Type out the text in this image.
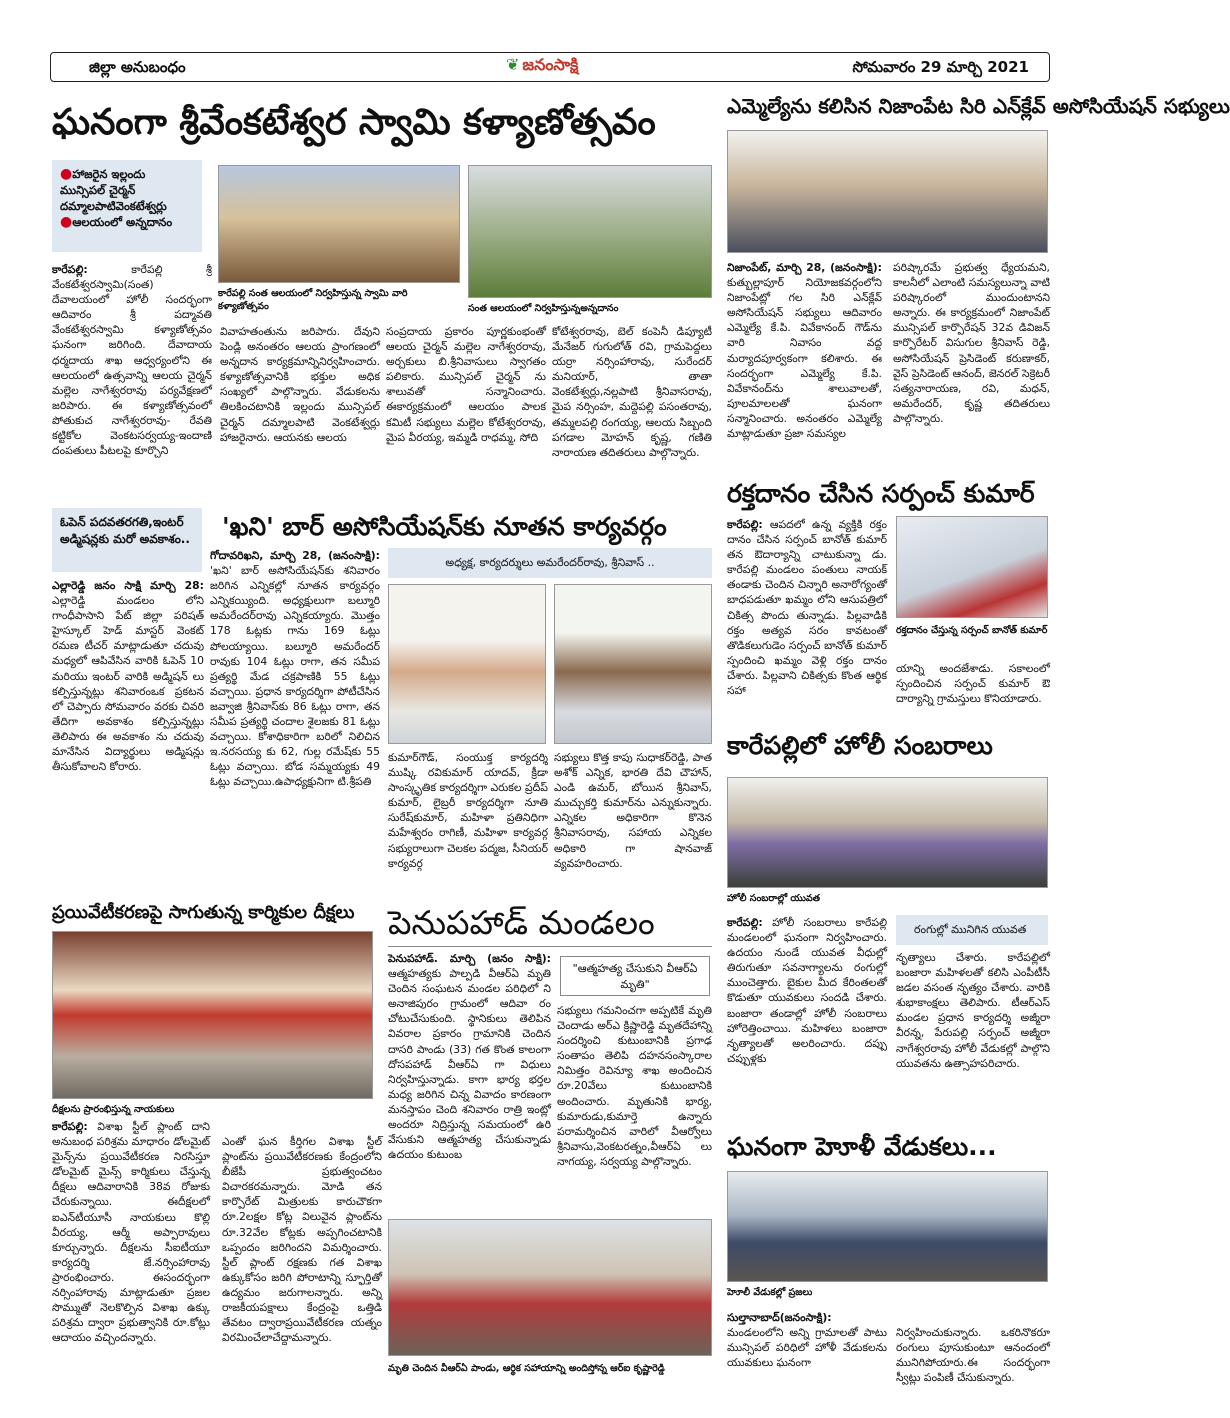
జిల్లా అనుబంధం	❦ జనంసాక్షి	సోమవారం 29 మార్చి 2021
ఘనంగా శ్రీవేంకటేశ్వర స్వామి కళ్యాణోత్సవం
●హాజరైన ఇల్లందు మున్సిపల్ చైర్మన్ దమ్మాలపాటివెంకటేశ్వర్లు
●ఆలయంలో అన్నదానం
కారేపల్లి సంత ఆలయంలో నిర్వహిస్తున్న స్వామి వారి కళ్యాణోత్సవం	సంత ఆలయంలో నిర్వహిస్తున్నఅన్నదానం
కారేపల్లి:	కారేపల్లి శ్రీ వేంకటేశ్వరస్వామి(సంత) దేవాలయంలో హోలీ సందర్భంగా ఆదివారం శ్రీ పద్మావతి వేంకటేశ్వరస్వామి కళ్యాణోత్సవం ఘనంగా జరిగింది. దేవాదాయ ధర్మదాయ శాఖ ఆధ్వర్యంలోని ఈ ఆలయంలో ఉత్సవాన్ని ఆలయ చైర్మన్ మల్లెల నాగేశ్వరరావు పర్యవేక్షణలో జరిపారు. ఈ కళ్యాణోత్సవంలో పోతుకుచ నాగేశ్వరరావు- రేవతి కట్టికోల వెంకటసర్వయ్య-ఇందాణి దంపతులు పీటలపై కూర్చొని
వివాహతంతును జరిపారు. దేవుని పెండ్లి అనంతరం ఆలయ ప్రాంగణంలో అన్నదాన కార్యక్రమాన్నినిర్వహించారు. కళ్యాణోత్సవానికి భక్తుల అధిక సంఖ్యలో పాల్గొన్నారు. వేడుకలను తిలకించటానికి ఇల్లందు మున్సిపల్ చైర్మన్ దమ్మాలపాటి వెంకటేశ్వర్లు హాజరైనారు. ఆయనకు ఆలయ
సంప్రదాయ ప్రకారం పూర్ణకుంభంతో ఆలయ చైర్మన్ మల్లెల నాగేశ్వరరావు, అర్చకులు బి.శ్రీనివాసులు స్వాగతం పలికారు. మున్సిపల్ చైర్మన్ ను శాలువతో సన్మానించారు. ఈకార్యక్రమంలో ఆలయం పాలక కమిటీ సభ్యులు మల్లెల కోటేశ్వరరావు, మైప వీరయ్య, ఇమ్మడి రాధమ్మ, సోది
కోటేశ్వరరావు, బెల్ కంపెనీ డిప్యూటీ మేనేజర్ గుగులోత్ రవి, గ్రామపెద్దలు యర్రా నర్సింహారావు, సురేందర్ మనియార్, తాతా వెంకటేశ్వర్లు,నల్లపాటి శ్రీనివాసరావు, మైప నర్సింహ, మద్దెపల్లి పసంతరావు, తమ్మలపల్లి రంగయ్య, ఆలయ సిబ్బంది పగడాల మోహన్ కృష్ణ, గణితి నారాయణ తదితరులు పాల్గొన్నారు.
ఎమ్మెల్యేను కలిసిన నిజాంపేట సిరి ఎన్‌క్లేవ్ అసోసియేషన్ సభ్యులు
నిజాంపేట్, మార్చి 28, (జనంసాక్షి): కుత్బుల్లాపూర్ నియోజకవర్గంలోని నిజాంపేట్లో గల సిరి ఎన్‌క్లేవ్ అసోసియేషన్ సభ్యులు ఆదివారం ఎమ్మెల్యే కే.పి. వివేకానంద్ గౌడ్‌ను వారి నివాసం వద్ద మర్యాదపూర్వకంగా కలిశారు. ఈ సందర్భంగా ఎమ్మెల్యే కే.పి. వివేకానంద్‌ను శాలువాలతో, పూలమాలలతో ఘనంగా సన్మానించారు. అనంతరం ఎమ్మెల్యే మాట్లాడుతూ ప్రజా సమస్యల
పరిష్కారమే ప్రభుత్వ ధ్యేయమని, కాలనీలో ఎలాంటి సమస్యలున్నా వాటి పరిష్కారంలో ముందుంటానని అన్నారు. ఈ కార్యక్రమంలో నిజాంపేట్ మున్సిపల్ కార్పొరేషన్ 32వ డివిజన్ కార్పొరేటర్ విసుగుల శ్రీనివాస్ రెడ్డి, అసోసియేషన్ ప్రెసిడెంట్ కరుణాకర్, వైస్ ప్రెసిడెంట్ ఆనంద్, జెనరల్ సెక్రెటరీ సత్యనారాయణ, రవి, మధన్, అమరేందర్, కృష్ణ తదితరులు పాల్గొన్నారు.
రక్తదానం చేసిన సర్పంచ్ కుమార్
కారేపల్లి: ఆపదలో ఉన్న వ్యక్తికి రక్తం దానం చేసిన సర్పంచ్ బానోత్ కుమార్ తన ఔదార్యాన్ని చాటుకున్నా డు. కారేపల్లి మండలం పంతులు నాయక్ తండాకు చెందిన చిన్నారి అనారోగ్యంతో బాధపడుతూ ఖమ్మం లోని ఆసుపత్రిలో చికిత్స పొందు తున్నాడు. పిల్లవాడికి రక్తం అత్యవ సరం కావటంతో తొడికలుగుడెం సర్పంచ్ బానోత్ కుమార్ స్పందించి ఖమ్మం వెళ్లి రక్తం దానం చేశారు. పిల్లవాని చికిత్సకు కొంత ఆర్థిక సహా
రక్తదానం చేస్తున్న సర్పంచ్ బానోత్ కుమార్
యాన్ని అందజేశాడు. సకాలంలో స్పందించిన సర్పంచ్ కుమార్ ఔ దార్యాన్ని గ్రామస్తులు కొనియాడారు.
ఓపెన్ పదవతరగతి,ఇంటర్ అడ్మిషన్లకు మరో అవకాశం..
ఎల్లారెడ్డి జనం సాక్షి మార్చి 28: ఎల్లారెడ్డి మండలం లోని గాంధీపాసాని పేట్ జిల్లా పరిషత్ హైస్కూల్ హెడ్ మాస్టర్ వెంకట్ రమణ టీచర్ మాట్లాడుతూ చదువు మధ్యలో ఆపివేసిన వారికి ఓపెన్ 10 మరియు ఇంటర్ వారికి అడ్మిషన్ లు కల్పిస్తున్నట్లు శనివారంఒక ప్రకటన లో చెప్పారు సోమవారం వరకు చివరి తేదిగా అవకాశం కల్పిస్తున్నట్లు తెలిపారు ఈ అవకాశం ను చదువు మానేసిన విద్యార్థులు అడ్మిషన్లు తీసుకోవాలని కోరారు.
'ఖని' బార్ అసోసియేషన్‌కు నూతన కార్యవర్గం
గోదావరిఖని, మార్చి 28, (జనంసాక్షి): 'ఖని' బార్ అసోసియేషన్‌కు శనివారం జరిగిన ఎన్నికల్లో నూతన కార్యవర్గం ఎన్నికయ్యింది. అధ్యక్షులుగా బల్మూరి అమరేందర్‌రావు ఎన్నికయ్యారు. మొత్తం 178 ఓట్లకు గాను 169 ఓట్లు పోలయ్యాయి. బల్మూరి అమరేందర్ రావుకు 104 ఓట్లు రాగా, తన సమీప ప్రత్యర్థి మేడ చక్రపాణికి 55 ఓట్లు వచ్చాయి. ప్రధాన కార్యదర్శిగా పోటీచేసిన జవ్వాజి శ్రీనివాస్‌కు 86 ఓట్లు రాగా, తన సమీప ప్రత్యర్థి చందాల శైలజకు 81 ఓట్లు వచ్చాయి. కోశాధికారిగా బరిలో నిలిచిన ఇ.నరసయ్య కు 62, గుల్ల రమేష్‌కు 55 ఓట్లు వచ్చాయి. బోడ సమ్మయ్యకు 49 ఓట్లు వచ్చాయి.ఉపాధ్యక్షునిగా టి.శ్రీపతి
అధ్యక్ష, కార్యదర్శులు అమరేందర్‌రావు, శ్రీనివాస్ ..
కుమార్‌గౌడ్, సంయుక్త కార్యదర్శి ముష్కి రవికుమార్ యాదవ్, క్రీడా సాంస్కృతిక కార్యదర్శిగా ఎరుకల ప్రదీప్ కుమార్, లైబ్రరీ కార్యదర్శిగా నూతి సురేష్‌కుమార్, మహిళా ప్రతినిధిగా మహేశ్వరం రాగిణీ, మహిళా కార్యవర్గ సభ్యురాలుగా చెలకల పద్మజ, సీనియర్ కార్యవర్గ
సభ్యులు కొత్త కాపు సుధాకర్‌రెడ్డి, పాత అశోక్ ఎన్నిక, భారతి దేవి చౌహాన్, ఎండి ఉమర్, బోయిన శ్రీనివాస్, ముచ్చుకర్తి కుమార్‌ను ఎన్నుకున్నారు. ఎన్నికల అధికారిగా కొనెన శ్రీనివాసరావు, సహాయ ఎన్నికల అధికారి గా షానవాజ్ వ్యవహరించారు.
కారేపల్లిలో హోలీ సంబరాలు
హోలీ సంబరాల్లో యువత
కారేపల్లి: హోలీ సంబరాలు కారేపల్లి మండలంలో ఘనంగా నిర్వహించారు. ఉదయం నుండే యువత వీధుల్లో తిరుగుతూ సవనాగ్యాలను రంగుల్లో ముంచెత్తారు. బైకుల మీద కేరింతలతో కొడుతూ యువకులు సందడి చేశారు. బంజారా తండాల్లో హోలీ సంబరాలు హోరెత్తించాయి. మహిళలు బంజారా నృత్యాలతో అలరించారు. దప్పు చప్పుళ్లకు
రంగుల్లో మునిగిన యువత
నృత్యాలు చేశారు. కారేపల్లిలో బంజారా మహిళలతో కలిసి ఎంపీటీసీ జడల వసంత నృత్యం చేశారు. వారికి శుభాకాంక్షలు తెలిపారు. టీఆర్ఎస్ మండల ప్రధాన కార్యదర్శి అజ్మీరా వీరన్న, పేరుపల్లి సర్పంచ్ అజ్మీరా నాగేశ్వరరావు హోలీ వేడుకల్లో పాల్గొని యువతను ఉత్సాహపరిచారు.
ప్రయివేటీకరణపై సాగుతున్న కార్మికుల దీక్షలు
దీక్షలను ప్రారంభిస్తున్న నాయకులు
కారేపల్లి: విశాఖ స్టీల్ ప్లాంట్ దాని అనుబంధ పరిశ్రమ మాధారం డోలమైట్ మైన్స్‌ను ప్రయివేటీకరణ నిరసిస్తూ డోలమైట్ మైన్స్ కార్మికులు చేస్తున్న దీక్షలు ఆదివారానికి 38వ రోజుకు చేరుకున్నాయి. ఈదీక్షలలో ఐఎన్‌టీయూసీ నాయకులు కొల్లి వీరయ్య, ఆర్మీ అప్పారావులు కూర్చున్నారు. దీక్షలను సీఐటీయూ కార్యదర్శి జే.నర్సింహారావు ప్రారంభించారు. ఈసందర్భంగా నర్సింహారావు మాట్లాడుతూ ప్రజల సొమ్ముతో నెలకొల్పిన విశాఖ ఉక్కు పరిశ్రమ ద్వారా ప్రభుత్వానికి రూ.కోట్లు ఆదాయం వచ్చిందన్నారు.
ఎంతో ఘన కీర్తిగల విశాఖ స్టీల్ ప్లాంట్‌ను ప్రయివేటీకరణకు కేంద్రంలోని బీజేపీ ప్రభుత్వంచటం విచారకరమన్నారు. మోడి తన కార్పొరేట్ మిత్రులకు కారుచౌకగా రూ.2లక్షల కోట్ల విలువైన ప్లాంట్‌ను రూ.32వేల కోట్లకు అప్పగించటానికి ఒప్పందం జరిగిందని విమర్శించారు. స్టీల్ ప్లాంట్ రక్షణకు గత విశాఖ ఉక్కుకోసం జరిగి పోరాటాన్ని స్ఫూర్తితో ఉద్యమం జరుగాలన్నారు. అన్ని రాజకీయపక్షాలు కేంద్రంపై ఒత్తిడి తేవటం ద్వారాప్రయివేటీకరణ యత్నం విరమించేలాచేద్దామన్నారు.
పెనుపహాడ్ మండలం
పెనుపహాడ్. మార్చి (జనం సాక్షి): ఆత్మహత్యకు పాల్పడి వీఆర్ఏ మృతి చెందిన సంఘటన మండల పరిధిలో ని అనాజిపురం గ్రామంలో ఆదివా రం చోటుచేసుకుంది. స్థానికులు తెలిపిన వివరాల ప్రకారం గ్రామానికి చెందిన దాసరి పాండు (33) గత కొంత కాలంగా దోసపహాడ్ వీఆర్ఏ గా విధులు నిర్వహిస్తున్నాడు. కాగా భార్య భర్తల మధ్య జరిగిన చిన్న వివాదం కారణంగా మనస్తాపం చెంది శనివారం రాత్రి ఇంట్లో అందరూ నిద్రిస్తున్న సమయంలో ఉరి వేసుకుని ఆత్మహత్య చేసుకున్నాడు ఉదయం కుటుంబ
"ఆత్మహత్య చేసుకుని వీఆర్ఏ మృతి"
సభ్యులు గమనించగా అప్పటికే మృతి చెందాడు అర్ఎ క్రిష్ణారెడ్డి మృతదేహాన్ని సందర్శించి కుటుంబానికి ప్రగాఢ సంతాపం తెలిపి దహనసంస్కారాల నిమిత్తం రెవిన్యూ శాఖ అందించిన రూ.20వేలు కుటుంబానికి అందించారు. మృతునికి భార్య, కుమారుడు,కుమార్తె ఉన్నారు పరామర్శించిన వారిలో వీఆర్వోలు శ్రీనివాసు,వెంకటరత్నం,వీఆర్ఏ లు నాగయ్య, సర్వయ్య పాల్గొన్నారు.
మృతి చెందిన వీఆర్ఏ పాండు, ఆర్థిక సహాయాన్ని అందిస్తోన్న ఆర్ఐ కృష్ణారెడ్డి
ఘనంగా హెూళీ వేడుకలు...
హెూలీ వేడుకల్లో ప్రజలు
సుల్తానాబాద్(జనంసాక్షి): మండలంలోని అన్ని గ్రామాలతో పాటు మున్సిపల్ పరిధిలో హోళీ వేడుకలను యువకులు ఘనంగా
నిర్వహించుకున్నారు. ఒకరినొకరూ రంగులు పూసుకుంటూ ఆనందంలో మునిగిపోయారు.ఈ సందర్భంగా స్వీట్లు పంపిణీ చేసుకున్నారు.
